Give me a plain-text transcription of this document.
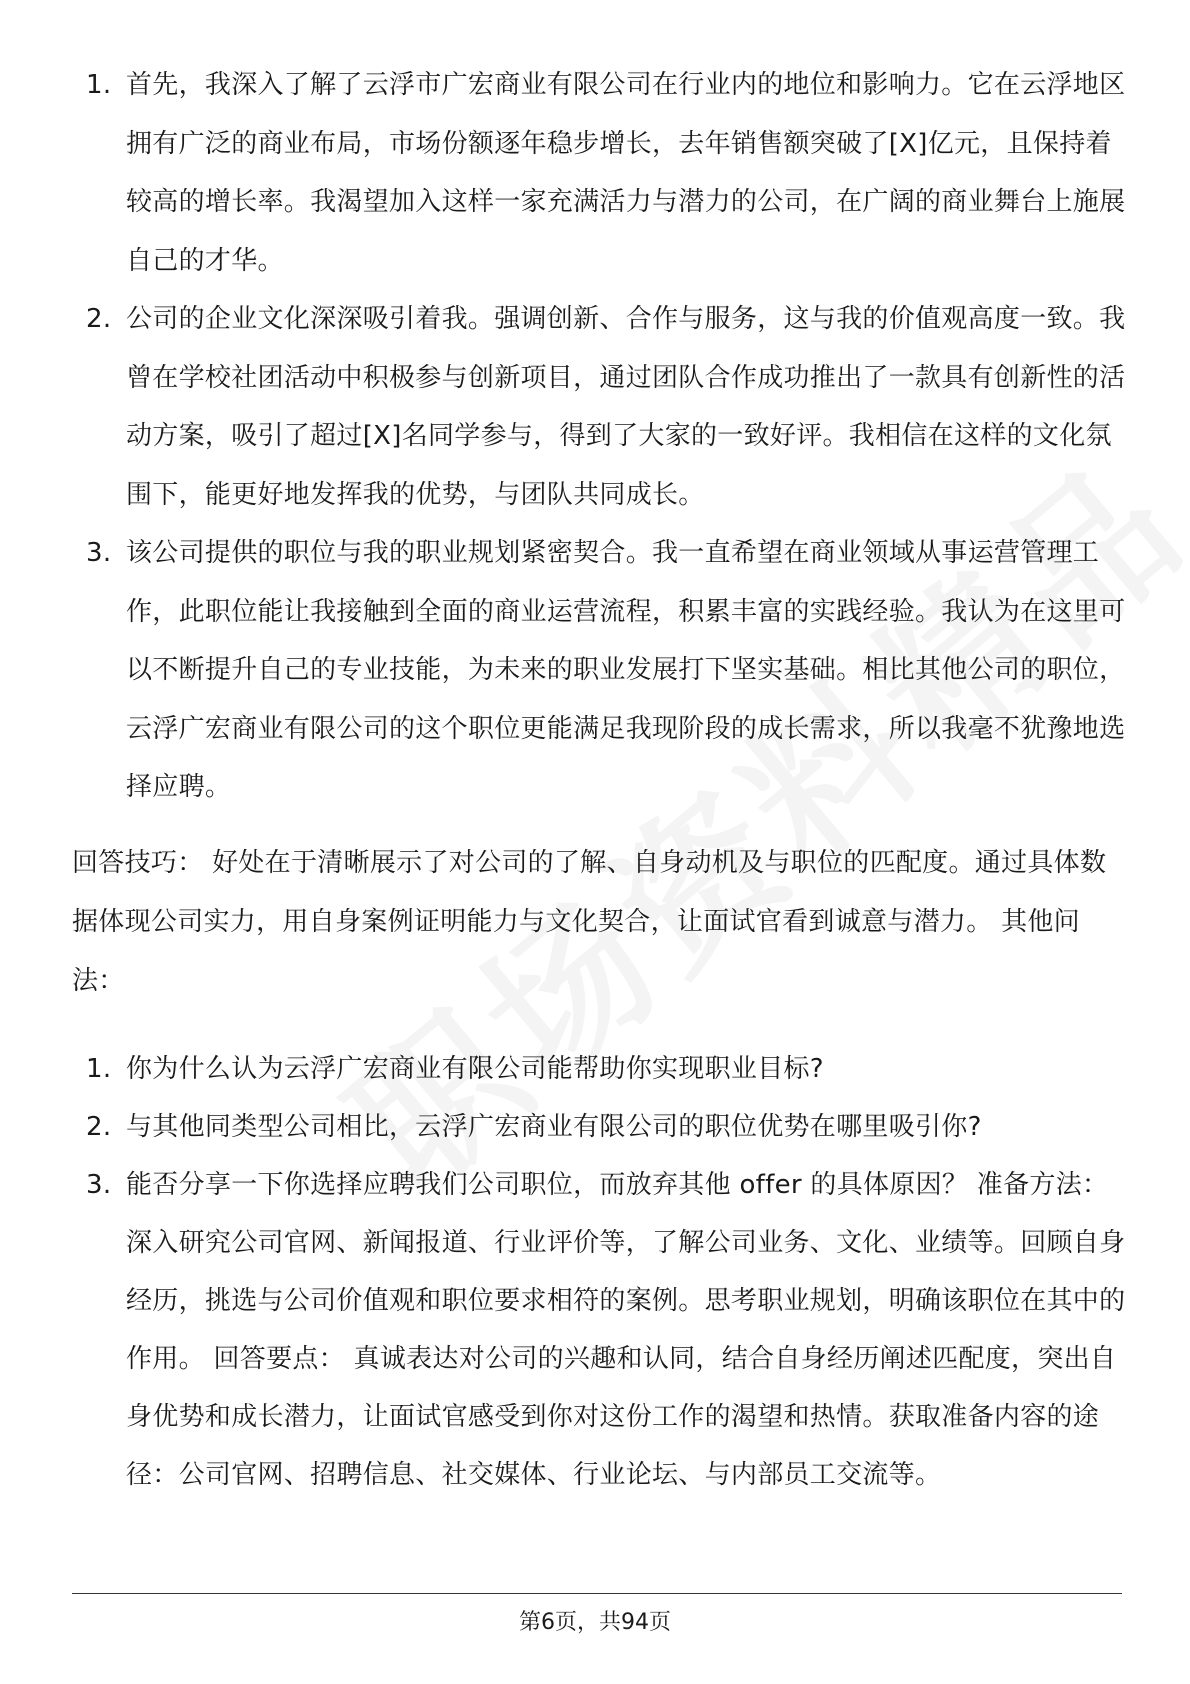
1. 首先，我深入了解了云浮市广宏商业有限公司在行业内的地位和影响力。它在云浮地区拥有广泛的商业布局，市场份额逐年稳步增长，去年销售额突破了[X]亿元，且保持着较高的增长率。我渴望加入这样一家充满活力与潜力的公司，在广阔的商业舞台上施展自己的才华。
2. 公司的企业文化深深吸引着我。强调创新、合作与服务，这与我的价值观高度一致。我曾在学校社团活动中积极参与创新项目，通过团队合作成功推出了一款具有创新性的活动方案，吸引了超过[X]名同学参与，得到了大家的一致好评。我相信在这样的文化氛围下，能更好地发挥我的优势，与团队共同成长。
3. 该公司提供的职位与我的职业规划紧密契合。我一直希望在商业领域从事运营管理工作，此职位能让我接触到全面的商业运营流程，积累丰富的实践经验。我认为在这里可以不断提升自己的专业技能，为未来的职业发展打下坚实基础。相比其他公司的职位，云浮广宏商业有限公司的这个职位更能满足我现阶段的成长需求，所以我毫不犹豫地选择应聘。

回答技巧： 好处在于清晰展示了对公司的了解、自身动机及与职位的匹配度。通过具体数据体现公司实力，用自身案例证明能力与文化契合，让面试官看到诚意与潜力。 其他问法：

1. 你为什么认为云浮广宏商业有限公司能帮助你实现职业目标?
2. 与其他同类型公司相比，云浮广宏商业有限公司的职位优势在哪里吸引你?
3. 能否分享一下你选择应聘我们公司职位，而放弃其他 offer 的具体原因？ 准备方法： 深入研究公司官网、新闻报道、行业评价等，了解公司业务、文化、业绩等。回顾自身经历，挑选与公司价值观和职位要求相符的案例。思考职业规划，明确该职位在其中的作用。 回答要点： 真诚表达对公司的兴趣和认同，结合自身经历阐述匹配度，突出自身优势和成长潜力，让面试官感受到你对这份工作的渴望和热情。获取准备内容的途径：公司官网、招聘信息、社交媒体、行业论坛、与内部员工交流等。
第6页，共94页
